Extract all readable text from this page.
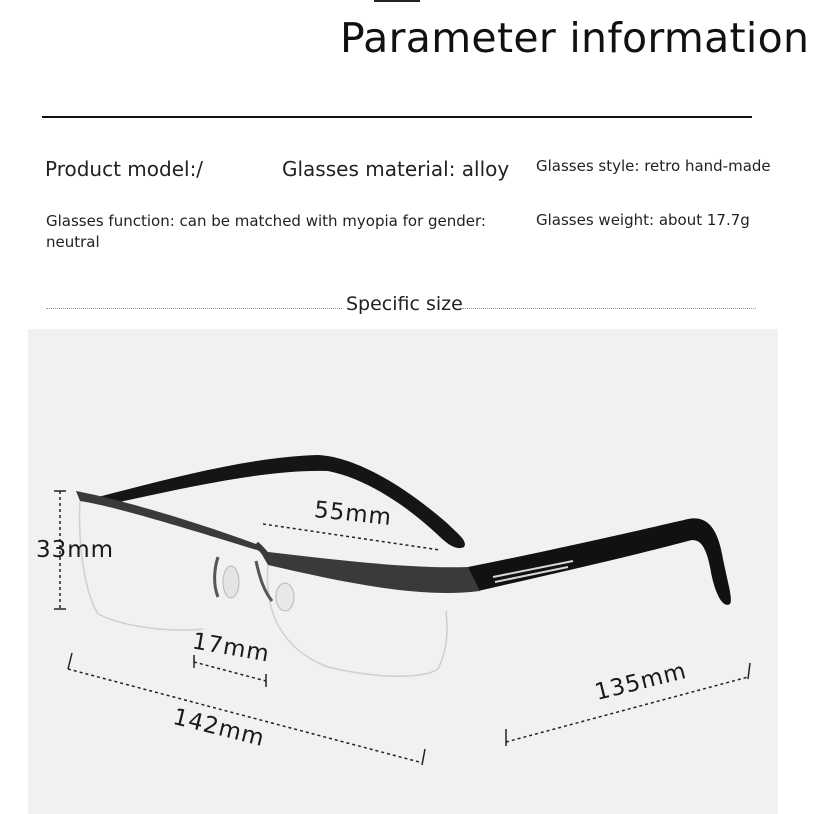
Parameter information
Product model:/	Glasses material: alloy Glasses style: retro hand-made
Glasses function: can be matched with myopia for gender: neutral
Glasses weight: about 17.7g
Specific size
33mm
55mm
17mm
142mm
135mm
